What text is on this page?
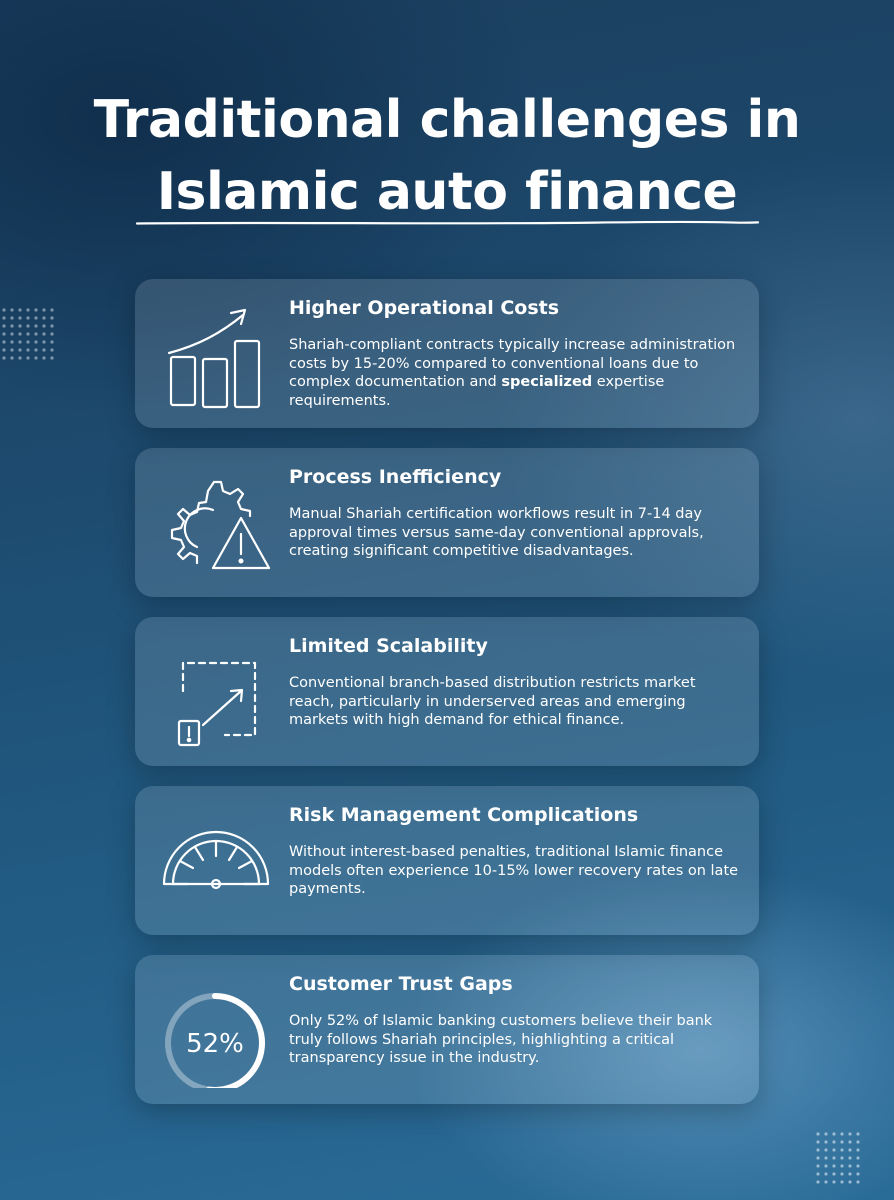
Traditional challenges in
Islamic auto finance
Higher Operational Costs
Shariah-compliant contracts typically increase administration costs by 15-20% compared to conventional loans due to complex documentation and specialized expertise requirements.
Process Inefficiency
Manual Shariah certification workflows result in 7-14 day approval times versus same-day conventional approvals, creating significant competitive disadvantages.
Limited Scalability
Conventional branch-based distribution restricts market reach, particularly in underserved areas and emerging markets with high demand for ethical finance.
Risk Management Complications
Without interest-based penalties, traditional Islamic finance models often experience 10-15% lower recovery rates on late payments.
52%
Customer Trust Gaps
Only 52% of Islamic banking customers believe their bank truly follows Shariah principles, highlighting a critical transparency issue in the industry.
